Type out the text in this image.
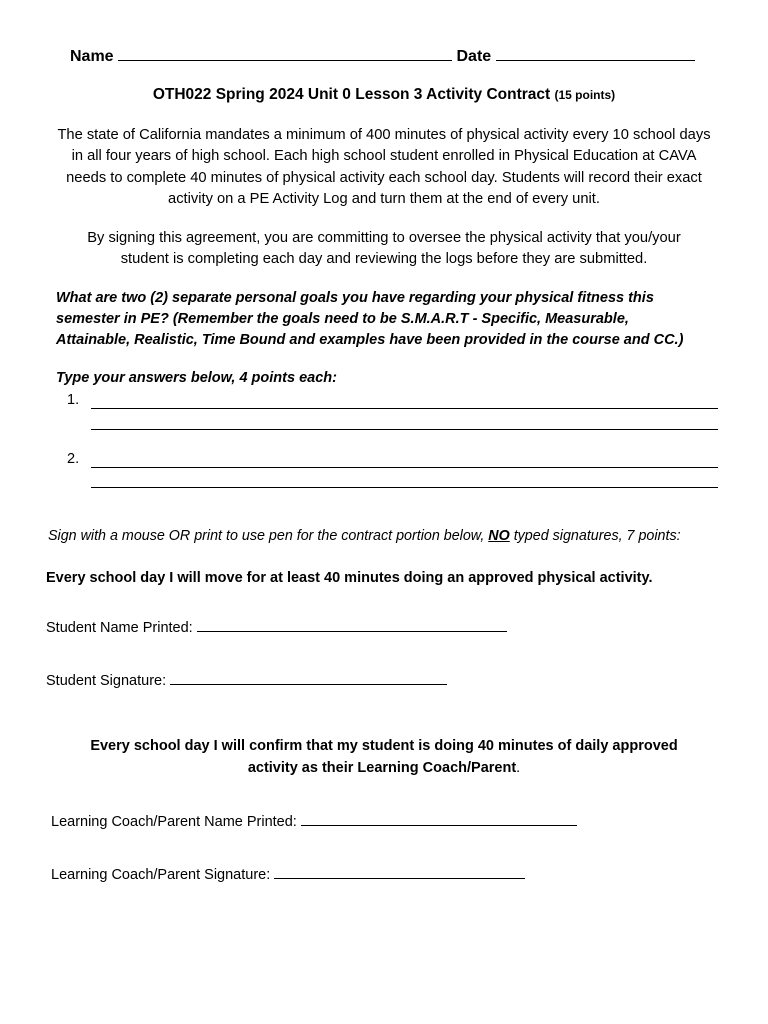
Name	Date
OTH022 Spring 2024 Unit 0 Lesson 3 Activity Contract (15 points)
The state of California mandates a minimum of 400 minutes of physical activity every 10 school days
in all four years of high school. Each high school student enrolled in Physical Education at CAVA
needs to complete 40 minutes of physical activity each school day. Students will record their exact
activity on a PE Activity Log and turn them at the end of every unit.
By signing this agreement, you are committing to oversee the physical activity that you/your
student is completing each day and reviewing the logs before they are submitted.
What are two (2) separate personal goals you have regarding your physical fitness this
semester in PE? (Remember the goals need to be S.M.A.R.T - Specific, Measurable,
Attainable, Realistic, Time Bound and examples have been provided in the course and CC.)
Type your answers below, 4 points each:
1.
2.
Sign with a mouse OR print to use pen for the contract portion below, NO typed signatures, 7 points:
Every school day I will move for at least 40 minutes doing an approved physical activity.
Student Name Printed:
Student Signature:
Every school day I will confirm that my student is doing 40 minutes of daily approved
activity as their Learning Coach/Parent.
Learning Coach/Parent Name Printed:
Learning Coach/Parent Signature:
